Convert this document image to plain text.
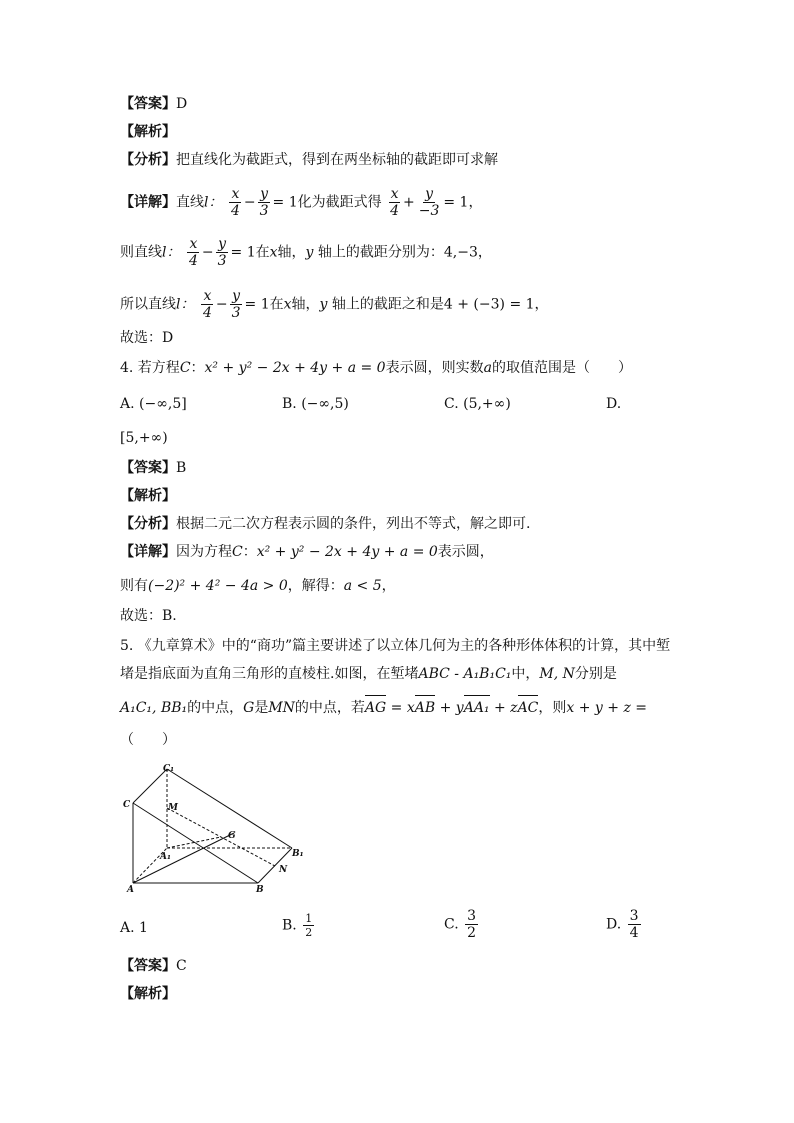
【答案】D
【解析】
【分析】把直线化为截距式，得到在两坐标轴的截距即可求解
【详解】直线l： $\frac{x}{4} - \frac{y}{3} = 1$化为截距式得 $\frac{x}{4} + \frac{y}{-3} = 1$，
则直线l： $\frac{x}{4} - \frac{y}{3} = 1$在x轴，y 轴上的截距分别为：4,−3，
所以直线l： $\frac{x}{4} - \frac{y}{3} = 1$在x轴，y 轴上的截距之和是4 + (−3) = 1，
故选：D
4. 若方程C：x² + y² − 2x + 4y + a = 0表示圆，则实数a的取值范围是（　　）
A. (−∞,5]	B. (−∞,5)	C. (5,+∞)	D.
[5,+∞)
【答案】B
【解析】
【分析】根据二元二次方程表示圆的条件，列出不等式，解之即可.
【详解】因为方程C：x² + y² − 2x + 4y + a = 0表示圆，
则有(−2)² + 4² − 4a > 0，解得：a < 5，
故选：B.
5. 《九章算术》中的“商功”篇主要讲述了以立体几何为主的各种形体体积的计算，其中堑
堵是指底面为直角三角形的直棱柱.如图，在堑堵ABC - A₁B₁C₁中，M, N分别是
A₁C₁, BB₁的中点，G是MN的中点，若AG = xAB + yAA₁ + zAC，则x + y + z =
（　　）
C₁
C	M
G
A₁	B₁
N
A	B
A. 1	B. $\frac{1}{2}$	C. $\frac{3}{2}$	D. $\frac{3}{4}$
【答案】C
【解析】
